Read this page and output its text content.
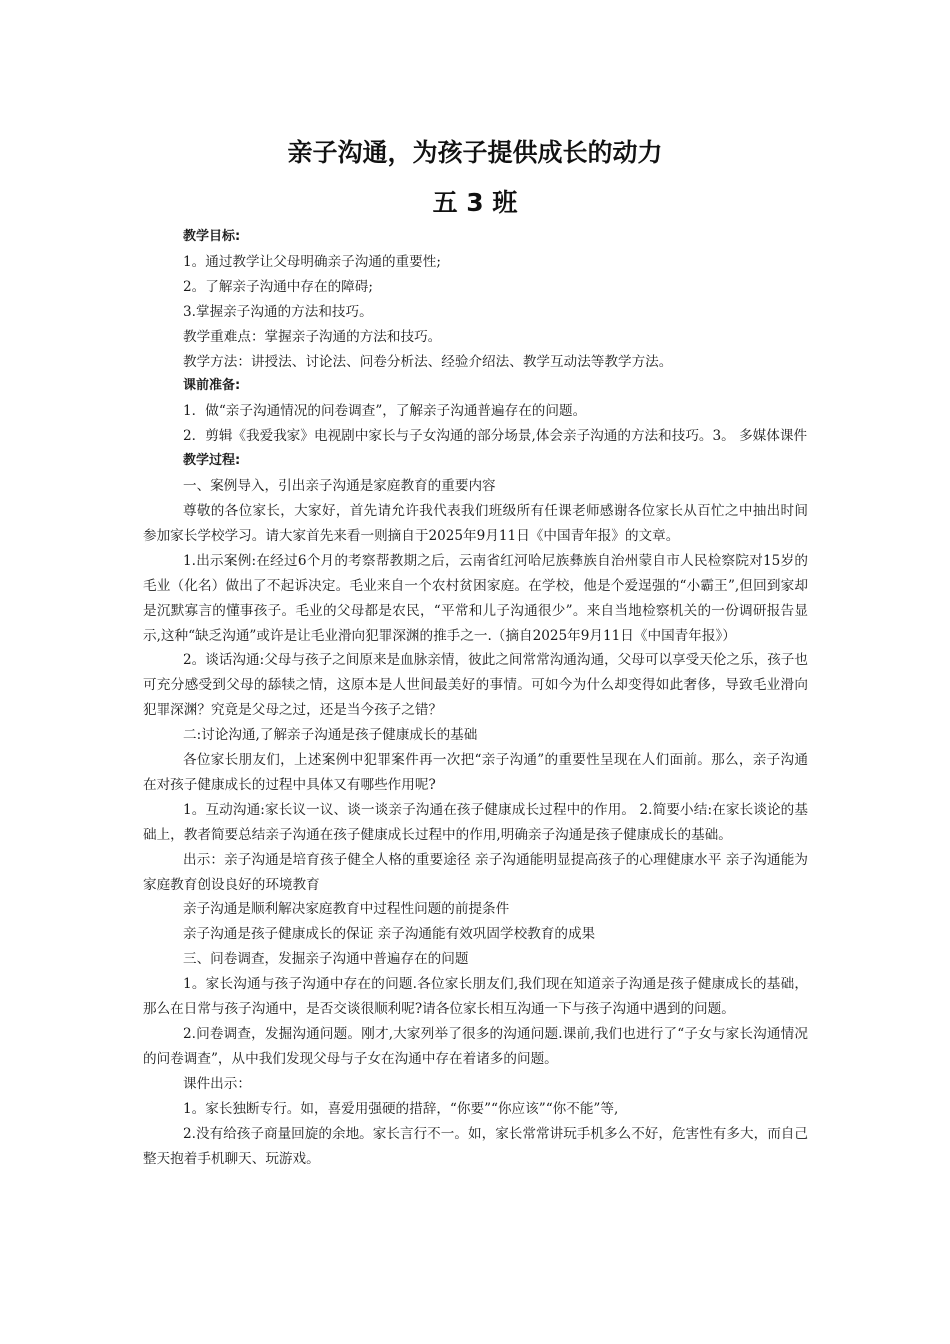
亲子沟通，为孩子提供成长的动力
五 3 班

教学目标:

1。通过教学让父母明确亲子沟通的重要性;

2。了解亲子沟通中存在的障碍;

3.掌握亲子沟通的方法和技巧。

教学重难点：掌握亲子沟通的方法和技巧。

教学方法：讲授法、讨论法、问卷分析法、经验介绍法、教学互动法等教学方法。

课前准备:

1．做“亲子沟通情况的问卷调查”，了解亲子沟通普遍存在的问题。

2．剪辑《我爱我家》电视剧中家长与子女沟通的部分场景,体会亲子沟通的方法和技巧。3。 多媒体课件

教学过程:

一、案例导入，引出亲子沟通是家庭教育的重要内容

尊敬的各位家长，大家好，首先请允许我代表我们班级所有任课老师感谢各位家长从百忙之中抽出时间参加家长学校学习。请大家首先来看一则摘自于2025年9月11日《中国青年报》的文章。

1.出示案例:在经过6个月的考察帮教期之后，云南省红河哈尼族彝族自治州蒙自市人民检察院对15岁的毛业（化名）做出了不起诉决定。毛业来自一个农村贫困家庭。在学校，他是个爱逞强的“小霸王”,但回到家却是沉默寡言的懂事孩子。毛业的父母都是农民，“平常和儿子沟通很少”。来自当地检察机关的一份调研报告显示,这种“缺乏沟通”或许是让毛业滑向犯罪深渊的推手之一.（摘自2025年9月11日《中国青年报》）

2。谈话沟通:父母与孩子之间原来是血脉亲情，彼此之间常常沟通沟通，父母可以享受天伦之乐，孩子也可充分感受到父母的舔犊之情，这原本是人世间最美好的事情。可如今为什么却变得如此奢侈，导致毛业滑向犯罪深渊？究竟是父母之过，还是当今孩子之错？

二:讨论沟通,了解亲子沟通是孩子健康成长的基础

各位家长朋友们，上述案例中犯罪案件再一次把“亲子沟通”的重要性呈现在人们面前。那么，亲子沟通在对孩子健康成长的过程中具体又有哪些作用呢?

1。互动沟通:家长议一议、谈一谈亲子沟通在孩子健康成长过程中的作用。 2.简要小结:在家长谈论的基础上，教者简要总结亲子沟通在孩子健康成长过程中的作用,明确亲子沟通是孩子健康成长的基础。

出示：亲子沟通是培育孩子健全人格的重要途径 亲子沟通能明显提高孩子的心理健康水平 亲子沟通能为家庭教育创设良好的环境教育

亲子沟通是顺利解决家庭教育中过程性问题的前提条件

亲子沟通是孩子健康成长的保证 亲子沟通能有效巩固学校教育的成果

三、问卷调查，发掘亲子沟通中普遍存在的问题

1。家长沟通与孩子沟通中存在的问题.各位家长朋友们,我们现在知道亲子沟通是孩子健康成长的基础，那么在日常与孩子沟通中，是否交谈很顺利呢?请各位家长相互沟通一下与孩子沟通中遇到的问题。

2.问卷调查，发掘沟通问题。刚才,大家列举了很多的沟通问题.课前,我们也进行了“子女与家长沟通情况的问卷调查”，从中我们发现父母与子女在沟通中存在着诸多的问题。

课件出示：

1。家长独断专行。如，喜爱用强硬的措辞，“你要”“你应该”“你不能”等,

2.没有给孩子商量回旋的余地。家长言行不一。如，家长常常讲玩手机多么不好，危害性有多大，而自己整天抱着手机聊天、玩游戏。
